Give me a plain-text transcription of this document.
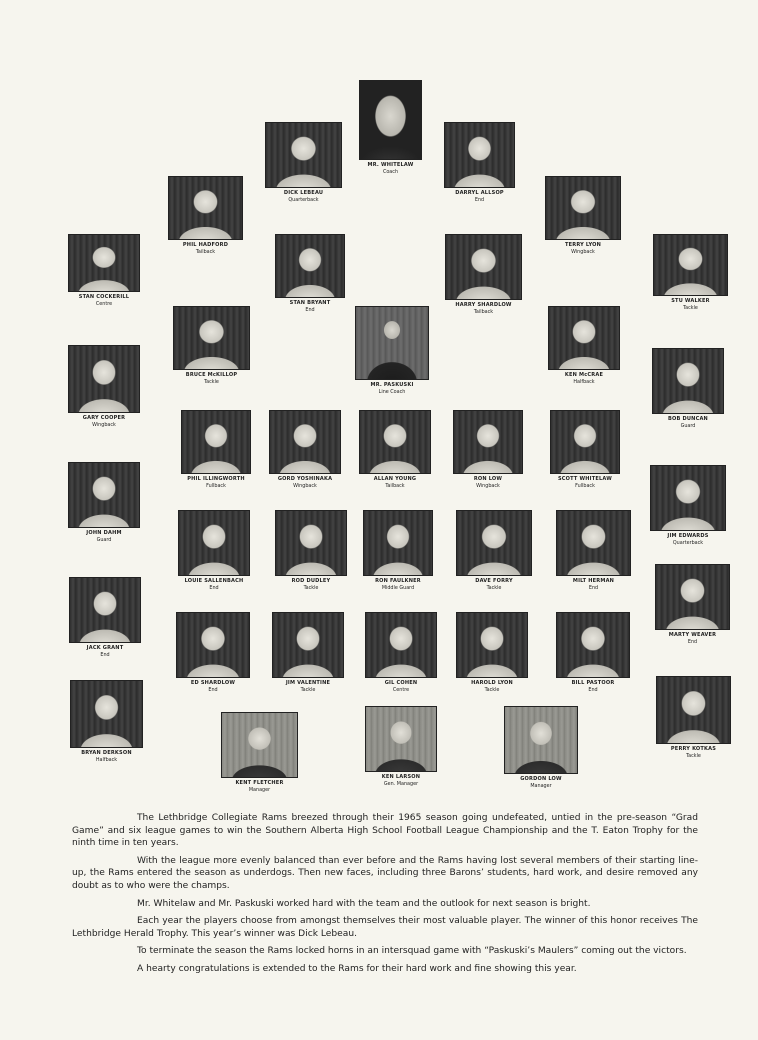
MR. WHITELAW
Coach
DICK LEBEAU
Quarterback
DARRYL ALLSOP
End
PHIL HADFORD
Tailback
TERRY LYON
Wingback
STAN COCKERILL
Centre	STAN BRYANT
End
HARRY SHARDLOW
Tailback
STU WALKER
Tackle
BRUCE McKILLOP
Tackle
MR. PASKUSKI
Line Coach
KEN McCRAE
Halfback
GARY COOPER
Wingback
BOB DUNCAN
Guard
PHIL ILLINGWORTH
Fullback
GORD YOSHINAKA
Wingback
ALLAN YOUNG
Tailback
RON LOW
Wingback
SCOTT WHITELAW
Fullback
JOHN DAHM
Guard
JIM EDWARDS
Quarterback
LOUIE SALLENBACH
End
ROD DUDLEY
Tackle
RON FAULKNER
Middle Guard
DAVE FORRY
Tackle
MILT HERMAN
End
JACK GRANT
End
MARTY WEAVER
End
ED SHARDLOW
End
JIM VALENTINE
Tackle
GIL COHEN
Centre
HAROLD LYON
Tackle
BILL PASTOOR
End
BRYAN DERKSON
Halfback
PERRY KOTKAS
Tackle
KENT FLETCHER
Manager
KEN LARSON
Gen. Manager
GORDON LOW
Manager

The Lethbridge Collegiate Rams breezed through their 1965 season going undefeated, untied in the pre-season “Grad Game” and six league games to win the Southern Alberta High School Football League Championship and the T. Eaton Trophy for the ninth time in ten years.

With the league more evenly balanced than ever before and the Rams having lost several members of their starting line-up, the Rams entered the season as underdogs. Then new faces, including three Barons’ students, hard work, and desire removed any doubt as to who were the champs.

Mr. Whitelaw and Mr. Paskuski worked hard with the team and the outlook for next season is bright.

Each year the players choose from amongst themselves their most valuable player. The winner of this honor receives The Lethbridge Herald Trophy. This year’s winner was Dick Lebeau.

To terminate the season the Rams locked horns in an intersquad game with “Paskuski’s Maulers” coming out the victors.

A hearty congratulations is extended to the Rams for their hard work and fine showing this year.
